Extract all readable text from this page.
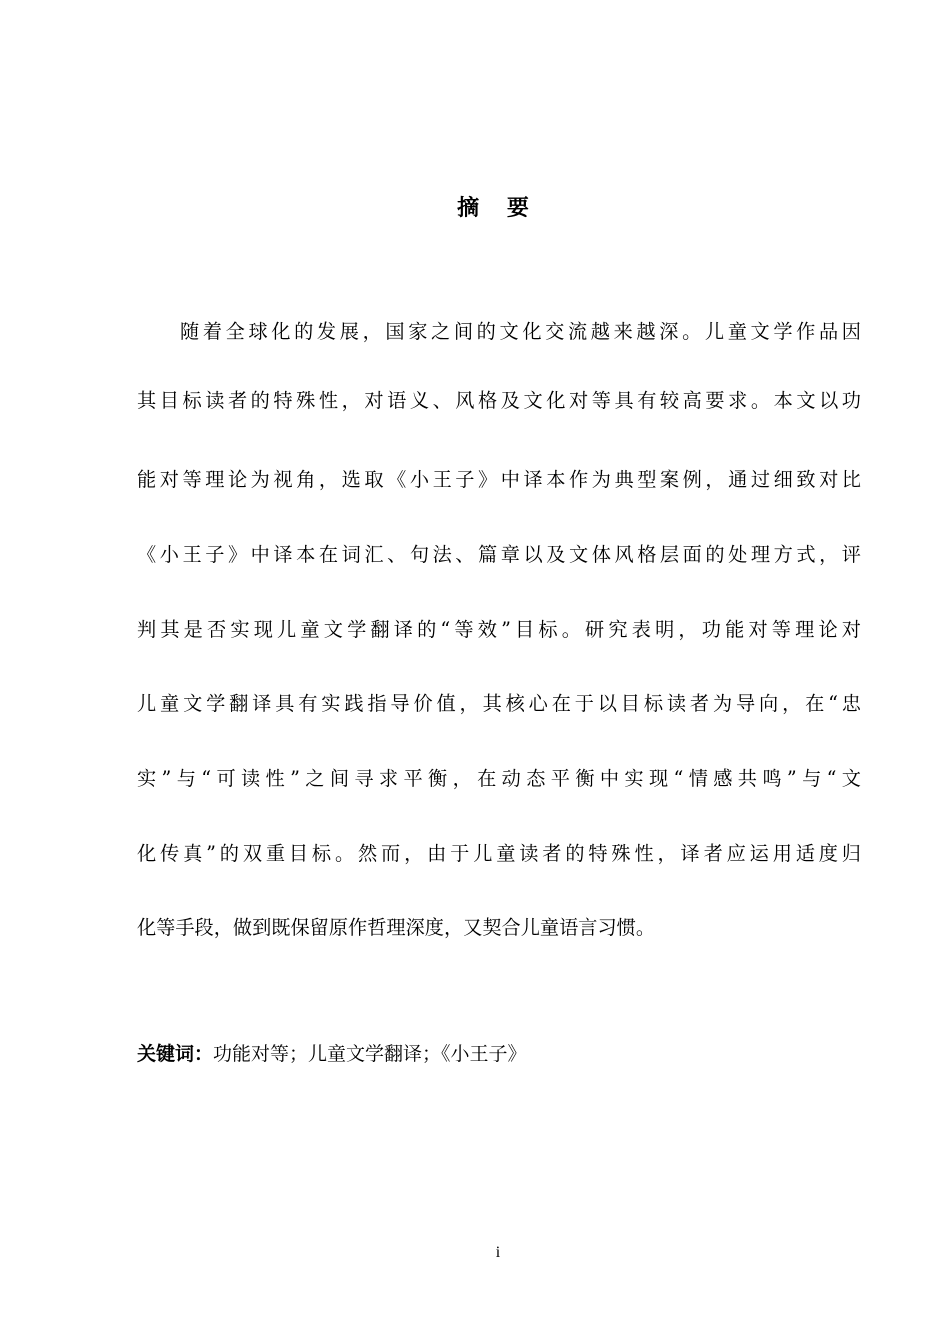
摘 要
随着全球化的发展，国家之间的文化交流越来越深。儿童文学作品因
其目标读者的特殊性，对语义、风格及文化对等具有较高要求。本文以功
能对等理论为视角，选取《小王子》中译本作为典型案例，通过细致对比
《小王子》中译本在词汇、句法、篇章以及文体风格层面的处理方式，评
判其是否实现儿童文学翻译的“等效”目标。研究表明，功能对等理论对
儿童文学翻译具有实践指导价值，其核心在于以目标读者为导向，在“忠
实”与“可读性”之间寻求平衡，在动态平衡中实现“情感共鸣”与“文
化传真”的双重目标。然而，由于儿童读者的特殊性，译者应运用适度归
化等手段，做到既保留原作哲理深度，又契合儿童语言习惯。
关键词：功能对等；儿童文学翻译；《小王子》
i
